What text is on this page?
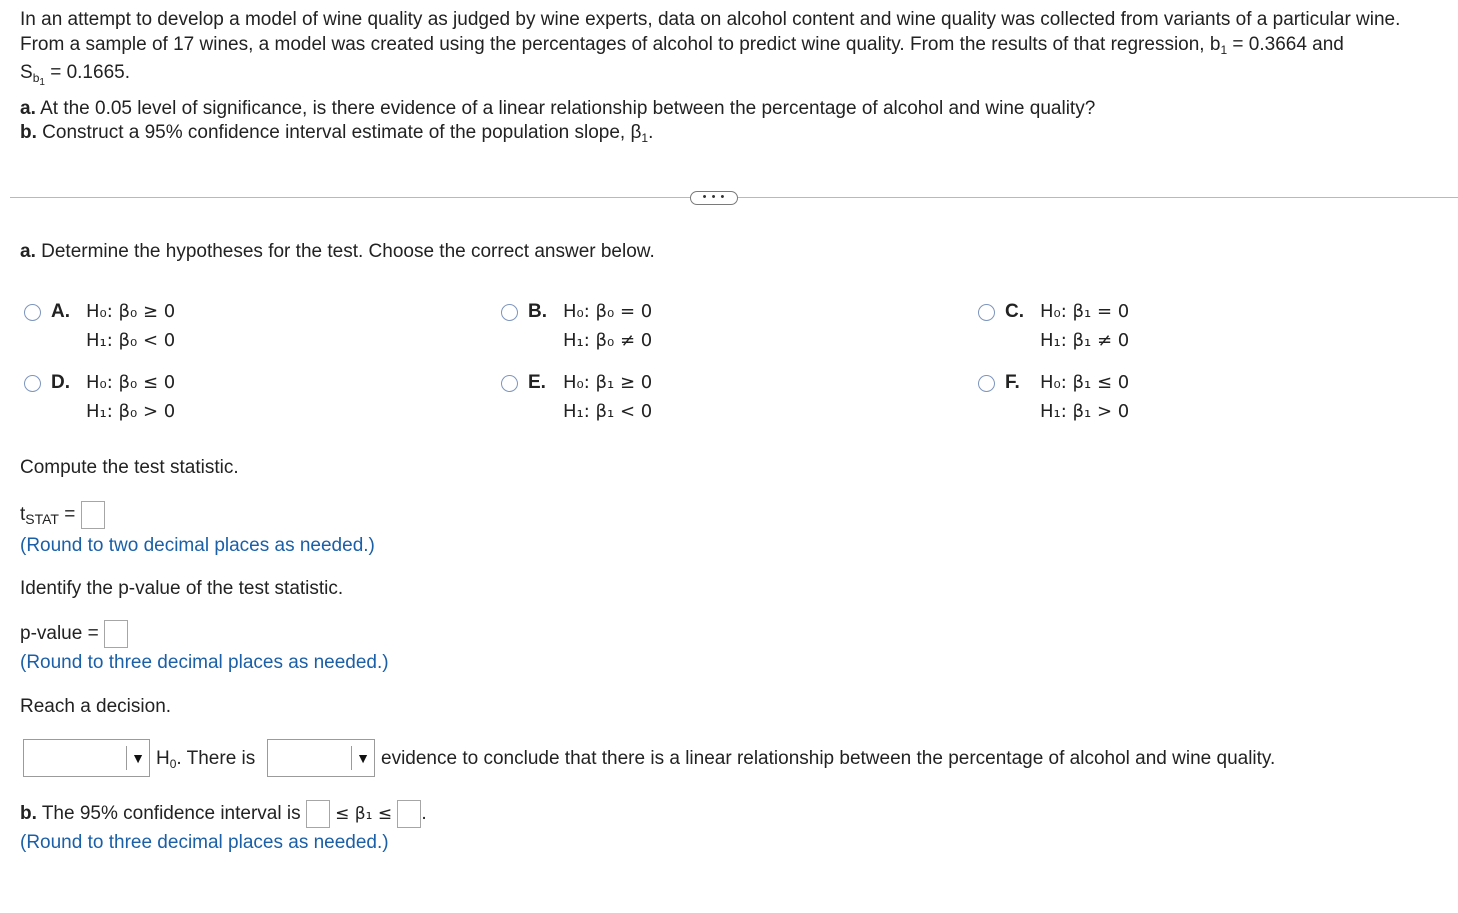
In an attempt to develop a model of wine quality as judged by wine experts, data on alcohol content and wine quality was collected from variants of a particular wine.

From a sample of 17 wines, a model was created using the percentages of alcohol to predict wine quality. From the results of that regression, $b_1 = 0.3664$ and

$S_{b_1} = 0.1665$.

a. At the 0.05 level of significance, is there evidence of a linear relationship between the percentage of alcohol and wine quality?

b. Construct a 95% confidence interval estimate of the population slope, $\beta_1$.

• • •
a. Determine the hypotheses for the test. Choose the correct answer below.
A. H₀: β₀ ≥ 0
H₁: β₀ < 0
B. H₀: β₀ = 0
H₁: β₀ ≠ 0
C. H₀: β₁ = 0
H₁: β₁ ≠ 0
D. H₀: β₀ ≤ 0
H₁: β₀ > 0
E. H₀: β₁ ≥ 0
H₁: β₁ < 0
F. H₀: β₁ ≤ 0
H₁: β₁ > 0
Compute the test statistic.
$t_{STAT}$ =
(Round to two decimal places as needed.)
Identify the p-value of the test statistic.
p-value =
(Round to three decimal places as needed.)
Reach a decision.
▼ $H_0$. There is	▼ evidence to conclude that there is a linear relationship between the percentage of alcohol and wine quality.
b. The 95% confidence interval is ≤ β₁ ≤ .
(Round to three decimal places as needed.)
